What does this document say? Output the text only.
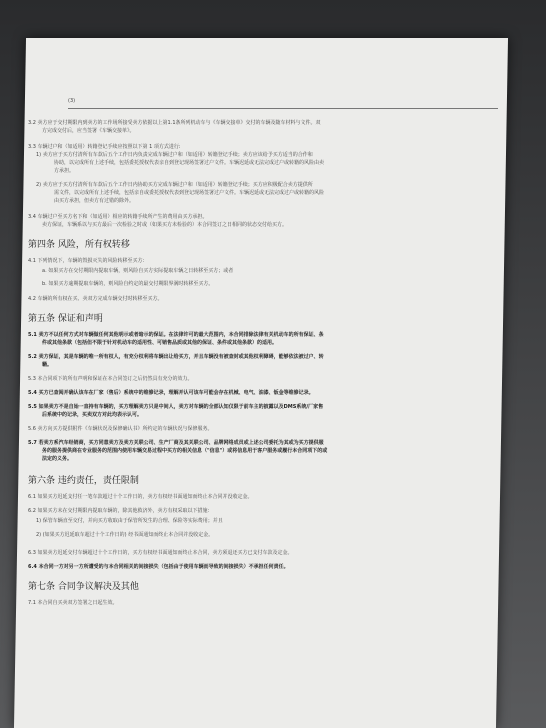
(3)
3.2 卖方应于交付期限内到卖方的工作场所接受卖方依据以上第1.1条所列机动车与《车辆交接单》交付的车辆及随车材料与文件。双
方完成交付后，应当签署《车辆交接单》。
3.3 车辆过户和（如适用）转籍登记手续应按照以下第 1 项方式进行:
1) 卖方应于买方付清所有车款后五个工作日内负责完成车辆过户和（如适用）转籍登记手续；卖方应该给予买方适当的合作和
协助，以完成所有上述手续，包括委托授权代表亲自到登记现场签署过户文件。车辆迟延或无法完成过户或转籍的风险由卖
方承担。
2) 卖方应于买方付清所有车款后五个工作日内协助买方完成车辆过户和（如适用）转籍登记手续；买方应积极配合卖方提供所
需文件，以完成所有上述手续，包括亲自或委托授权代表到登记现场签署过户文件。车辆迟延或无法完成过户或转籍的风险
由买方承担，但卖方有过错的除外。
3.4 车辆过户至买方名下和（如适用）相应的转籍手续所产生的费用由买方承担。
卖方保证，车辆系以与买方最后一次检验之时或（如果买方未检验的）本合同签订之日相同的状态交付给买方。
第四条 风险，所有权转移
4.1 下列情况下，车辆的毁损灭失的风险转移至买方：
a. 如果买方在交付期限内提取车辆，则风险自买方实际提取车辆之日转移至买方；或者
b. 如果买方逾期提取车辆的，则风险自约定的最交付期限界满时转移至买方。
4.2 车辆的所有权在买、卖双方完成车辆交付时转移至买方。
第五条 保证和声明
5.1 卖方不以任何方式对车辆做任何其他明示或者暗示的保证。在法律许可的最大范围内，本合同排除法律有关机动车的所有保证、条
件或其他条款（包括但不限于针对机动车的适用性、可销售品质或其他的保证、条件或其他条款）的适用。
5.2 卖方保证，其是车辆的唯一所有权人，有充分权利将车辆出让给买方，并且车辆没有被查封或其他权利障碍，能够依法被过户、转
籍。
5.3 本合同项下的所有声明和保证在本合同签订之后仍然具有充分的效力。
5.4 买方已查阅并确认该车在厂家（售后）系统中的维修记录，理解并认可该车可能会存在机械、电气、油漆、钣金等维修记录。
5.5 如果卖方不是自始一直持有车辆的，买方理解卖方只是中间人，卖方对车辆的全部认知仅限于前车主的披露以及DMS系统/厂家售
后系统中的记录，买卖双方对此均表示认可。
5.6 卖方向买方提供附件《车辆状况及保修确认书》所约定的车辆状况与保修服务。
5.7 若卖方系汽车经销商，买方同意卖方及卖方关联公司、生产厂商及其关联公司、品牌网络成员或上述公司委托为其或为买方提供服
务的服务提供商在专业服务的范围内使用车辆交易过程中买方的相关信息（"信息"）或将信息用于客户服务或履行本合同项下的或
法定的义务。
第六条 违约责任，责任限制
6.1 如果买方迟延支付任一笔车款超过十个工作日的，卖方有权经书面通知而终止本合同并没收定金。
6.2 如果买方未在交付期限内提取车辆的，除其他救济外，卖方有权采取以下措施：
1) 保管车辆直至交付，并向买方收取由于保管所发生的合理、保险等实际费用；并且
2) (如果买方迟延取车超过十个工作日的) 经书面通知而终止本合同并没收定金。
6.3 如果卖方迟延交付车辆超过十个工作日的，买方有权经书面通知而终止本合同，卖方须退还买方已支付车款及定金。
6.4 本合同一方对另一方所遭受的与本合同相关的间接损失（包括由于使用车辆而导致的间接损失）不承担任何责任。
第七条 合同争议解决及其他
7.1 本合同自买卖双方签署之日起生效。
